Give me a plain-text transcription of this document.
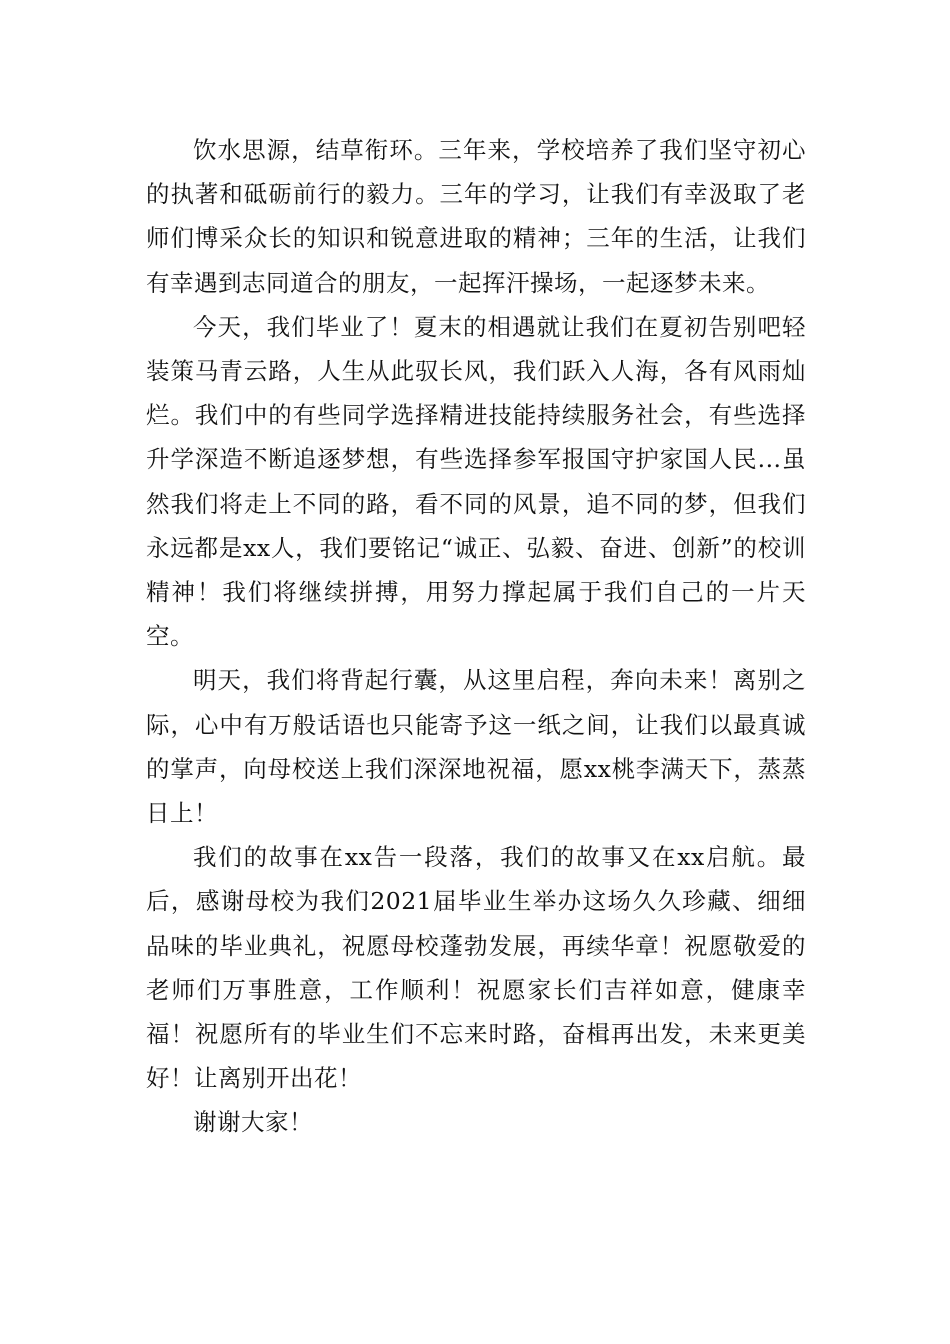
饮水思源，结草衔环。三年来，学校培养了我们坚守初心的执著和砥砺前行的毅力。三年的学习，让我们有幸汲取了老师们博采众长的知识和锐意进取的精神；三年的生活，让我们有幸遇到志同道合的朋友，一起挥汗操场，一起逐梦未来。

今天，我们毕业了！夏末的相遇就让我们在夏初告别吧轻装策马青云路，人生从此驭长风，我们跃入人海，各有风雨灿烂。我们中的有些同学选择精进技能持续服务社会，有些选择升学深造不断追逐梦想，有些选择参军报国守护家国人民...虽然我们将走上不同的路，看不同的风景，追不同的梦，但我们永远都是xx人，我们要铭记“诚正、弘毅、奋进、创新”的校训精神！我们将继续拼搏，用努力撑起属于我们自己的一片天空。

明天，我们将背起行囊，从这里启程，奔向未来！离别之际，心中有万般话语也只能寄予这一纸之间，让我们以最真诚的掌声，向母校送上我们深深地祝福，愿xx桃李满天下，蒸蒸日上！

我们的故事在xx告一段落，我们的故事又在xx启航。最后，感谢母校为我们2021届毕业生举办这场久久珍藏、细细品味的毕业典礼，祝愿母校蓬勃发展，再续华章！祝愿敬爱的老师们万事胜意，工作顺利！祝愿家长们吉祥如意，健康幸福！祝愿所有的毕业生们不忘来时路，奋楫再出发，未来更美好！让离别开出花！

谢谢大家！
